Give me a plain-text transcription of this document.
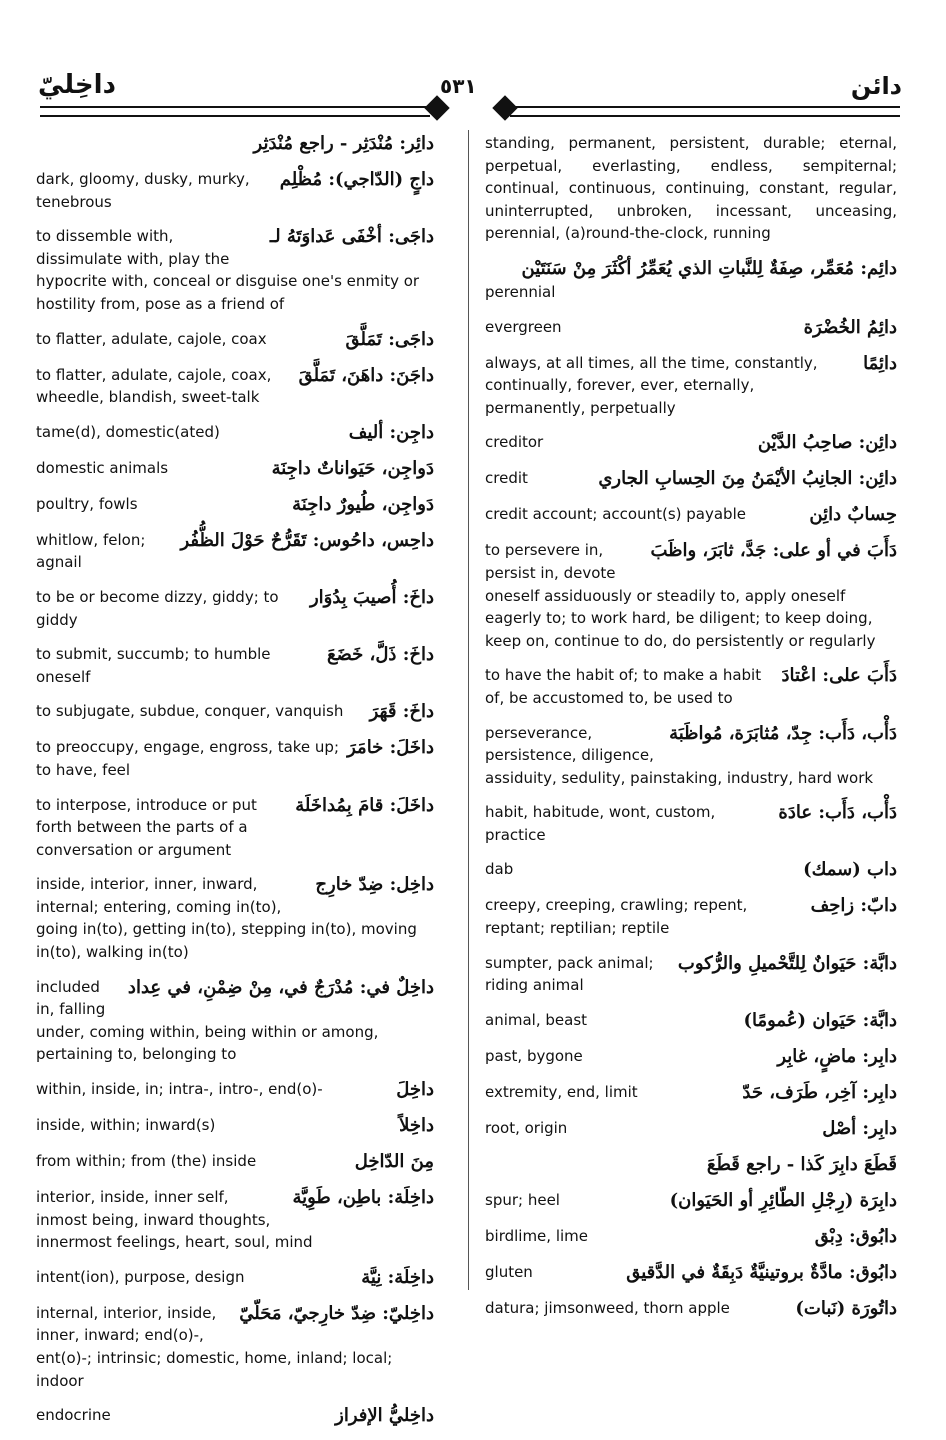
داخِليّ	٥٣١	دائن
دائِر: مُنْدَثِر - راجع مُنْدَثِر
داجٍ (الدّاجي): مُظْلِم
dark, gloomy, dusky, murky, tenebrous
داجَى: أخْفَى عَداوَتَهُ لـ
to dissemble with, dissimulate with, play the hypocrite with, conceal or disguise one's enmity or hostility from, pose as a friend of
داجَى: تَمَلَّقَ
to flatter, adulate, cajole, coax
داجَنَ: داهَنَ، تَمَلَّقَ
to flatter, adulate, cajole, coax, wheedle, blandish, sweet-talk
داجِن: أليف
tame(d), domestic(ated)
دَواجِن، حَيَواناتٌ داجِنَة
domestic animals
دَواجِن، طُيورٌ داجِنَة
poultry, fowls
داحِس، داحُوس: تَقَرُّحٌ حَوْلَ الظُّفُر
whitlow, felon; agnail
داخَ: أُصيبَ بِدُوَار
to be or become dizzy, giddy; to giddy
داخَ: ذَلَّ، خَضَعَ
to submit, succumb; to humble oneself
داخَ: قَهَرَ
to subjugate, subdue, conquer, vanquish
داخَلَ: خامَرَ
to preoccupy, engage, engross, take up; to have, feel
داخَلَ: قامَ بِمُداخَلَة
to interpose, introduce or put forth between the parts of a conversation or argument
داخِل: ضِدّ خارِج
inside, interior, inner, inward, internal; entering, coming in(to), going in(to), getting in(to), stepping in(to), moving in(to), walking in(to)
داخِلٌ في: مُدْرَجٌ في، مِنْ ضِمْنِ، في عِداد
included in, falling under, coming within, being within or among, pertaining to, belonging to
داخِلَ
within, inside, in; intra-, intro-, end(o)-
داخِلاً
inside, within; inward(s)
مِنَ الدّاخِل
from within; from (the) inside
داخِلَة: باطِن، طَوِيَّة
interior, inside, inner self, inmost being, inward thoughts, innermost feelings, heart, soul, mind
داخِلَة: نِيَّة
intent(ion), purpose, design
داخِليّ: ضِدّ خارِجيّ، مَحَلّيّ
internal, interior, inside, inner, inward; end(o)-, ent(o)-; intrinsic; domestic, home, inland; local; indoor
داخِليُّ الإفراز
endocrine
standing, permanent, persistent, durable; eternal, perpetual, everlasting, endless, sempiternal; continual, continuous, continuing, constant, regular, uninterrupted, unbroken, incessant, unceasing, perennial, (a)round-the-clock, running
دائِم: مُعَمِّر، صِفَةٌ لِلنَّباتِ الذي يُعَمِّرُ أكْثَرَ مِنْ سَنَتَيْن
perennial
دائِمُ الخُضْرَة
evergreen
دائِمًا
always, at all times, all the time, constantly, continually, forever, ever, eternally, permanently, perpetually
دائِن: صاحِبُ الدَّيْن
creditor
دائِن: الجانِبُ الأيْمَنُ مِنَ الحِسابِ الجاري
credit
حِسابٌ دائِن
credit account; account(s) payable
دَأَبَ في أو على: جَدَّ، ثابَرَ، واظَبَ
to persevere in, persist in, devote oneself assiduously or steadily to, apply oneself eagerly to; to work hard, be diligent; to keep doing, keep on, continue to do, do persistently or regularly
دَأَبَ على: اعْتادَ
to have the habit of; to make a habit of, be accustomed to, be used to
دَأْب، دَأَب: جِدّ، مُثابَرَة، مُواظَبَة
perseverance, persistence, diligence, assiduity, sedulity, painstaking, industry, hard work
دَأْب، دَأَب: عادَة
habit, habitude, wont, custom, practice
داب (سمك)
dab
دابّ: زاحِف
creepy, creeping, crawling; repent, reptant; reptilian; reptile
دابَّة: حَيَوانٌ لِلتَّحْميلِ والرُّكوب
sumpter, pack animal; riding animal
دابَّة: حَيَوان (عُمومًا)
animal, beast
دابِر: ماضٍ، غابِر
past, bygone
دابِر: آخِر، طَرَف، حَدّ
extremity, end, limit
دابِر: أصْل
root, origin
قَطَعَ دابِرَ كَذا - راجع قَطَعَ
دابِرَة (رِجْلِ الطّائِرِ أو الحَيَوان)
spur; heel
دابُوق: دِبْق
birdlime, lime
دابُوق: مادَّةٌ بروتينيَّةٌ دَبِقَةٌ في الدَّقيق
gluten
داتُورَة (نَبات)
datura; jimsonweed, thorn apple
